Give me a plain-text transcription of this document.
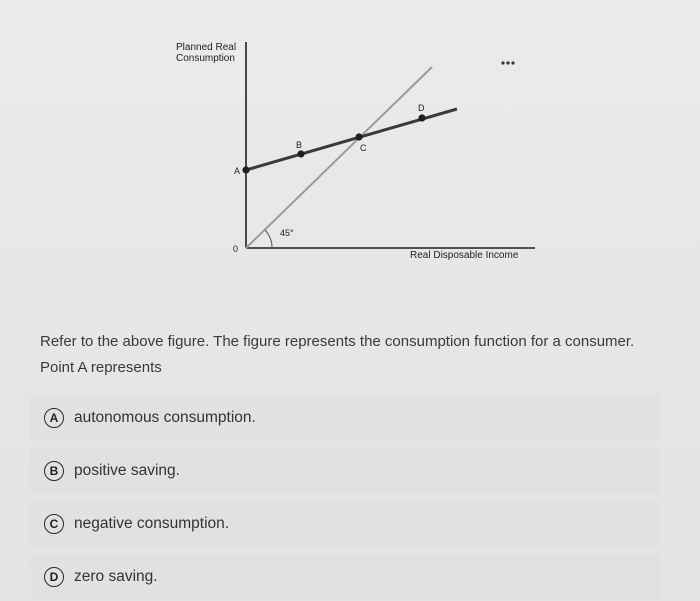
Planned Real
Consumption
Real Disposable Income
0
45°
A
B	C
D

Refer to the above figure. The figure represents the consumption function for a consumer. Point A represents

A	autonomous consumption.
B	positive saving.
C	negative consumption.
D	zero saving.
